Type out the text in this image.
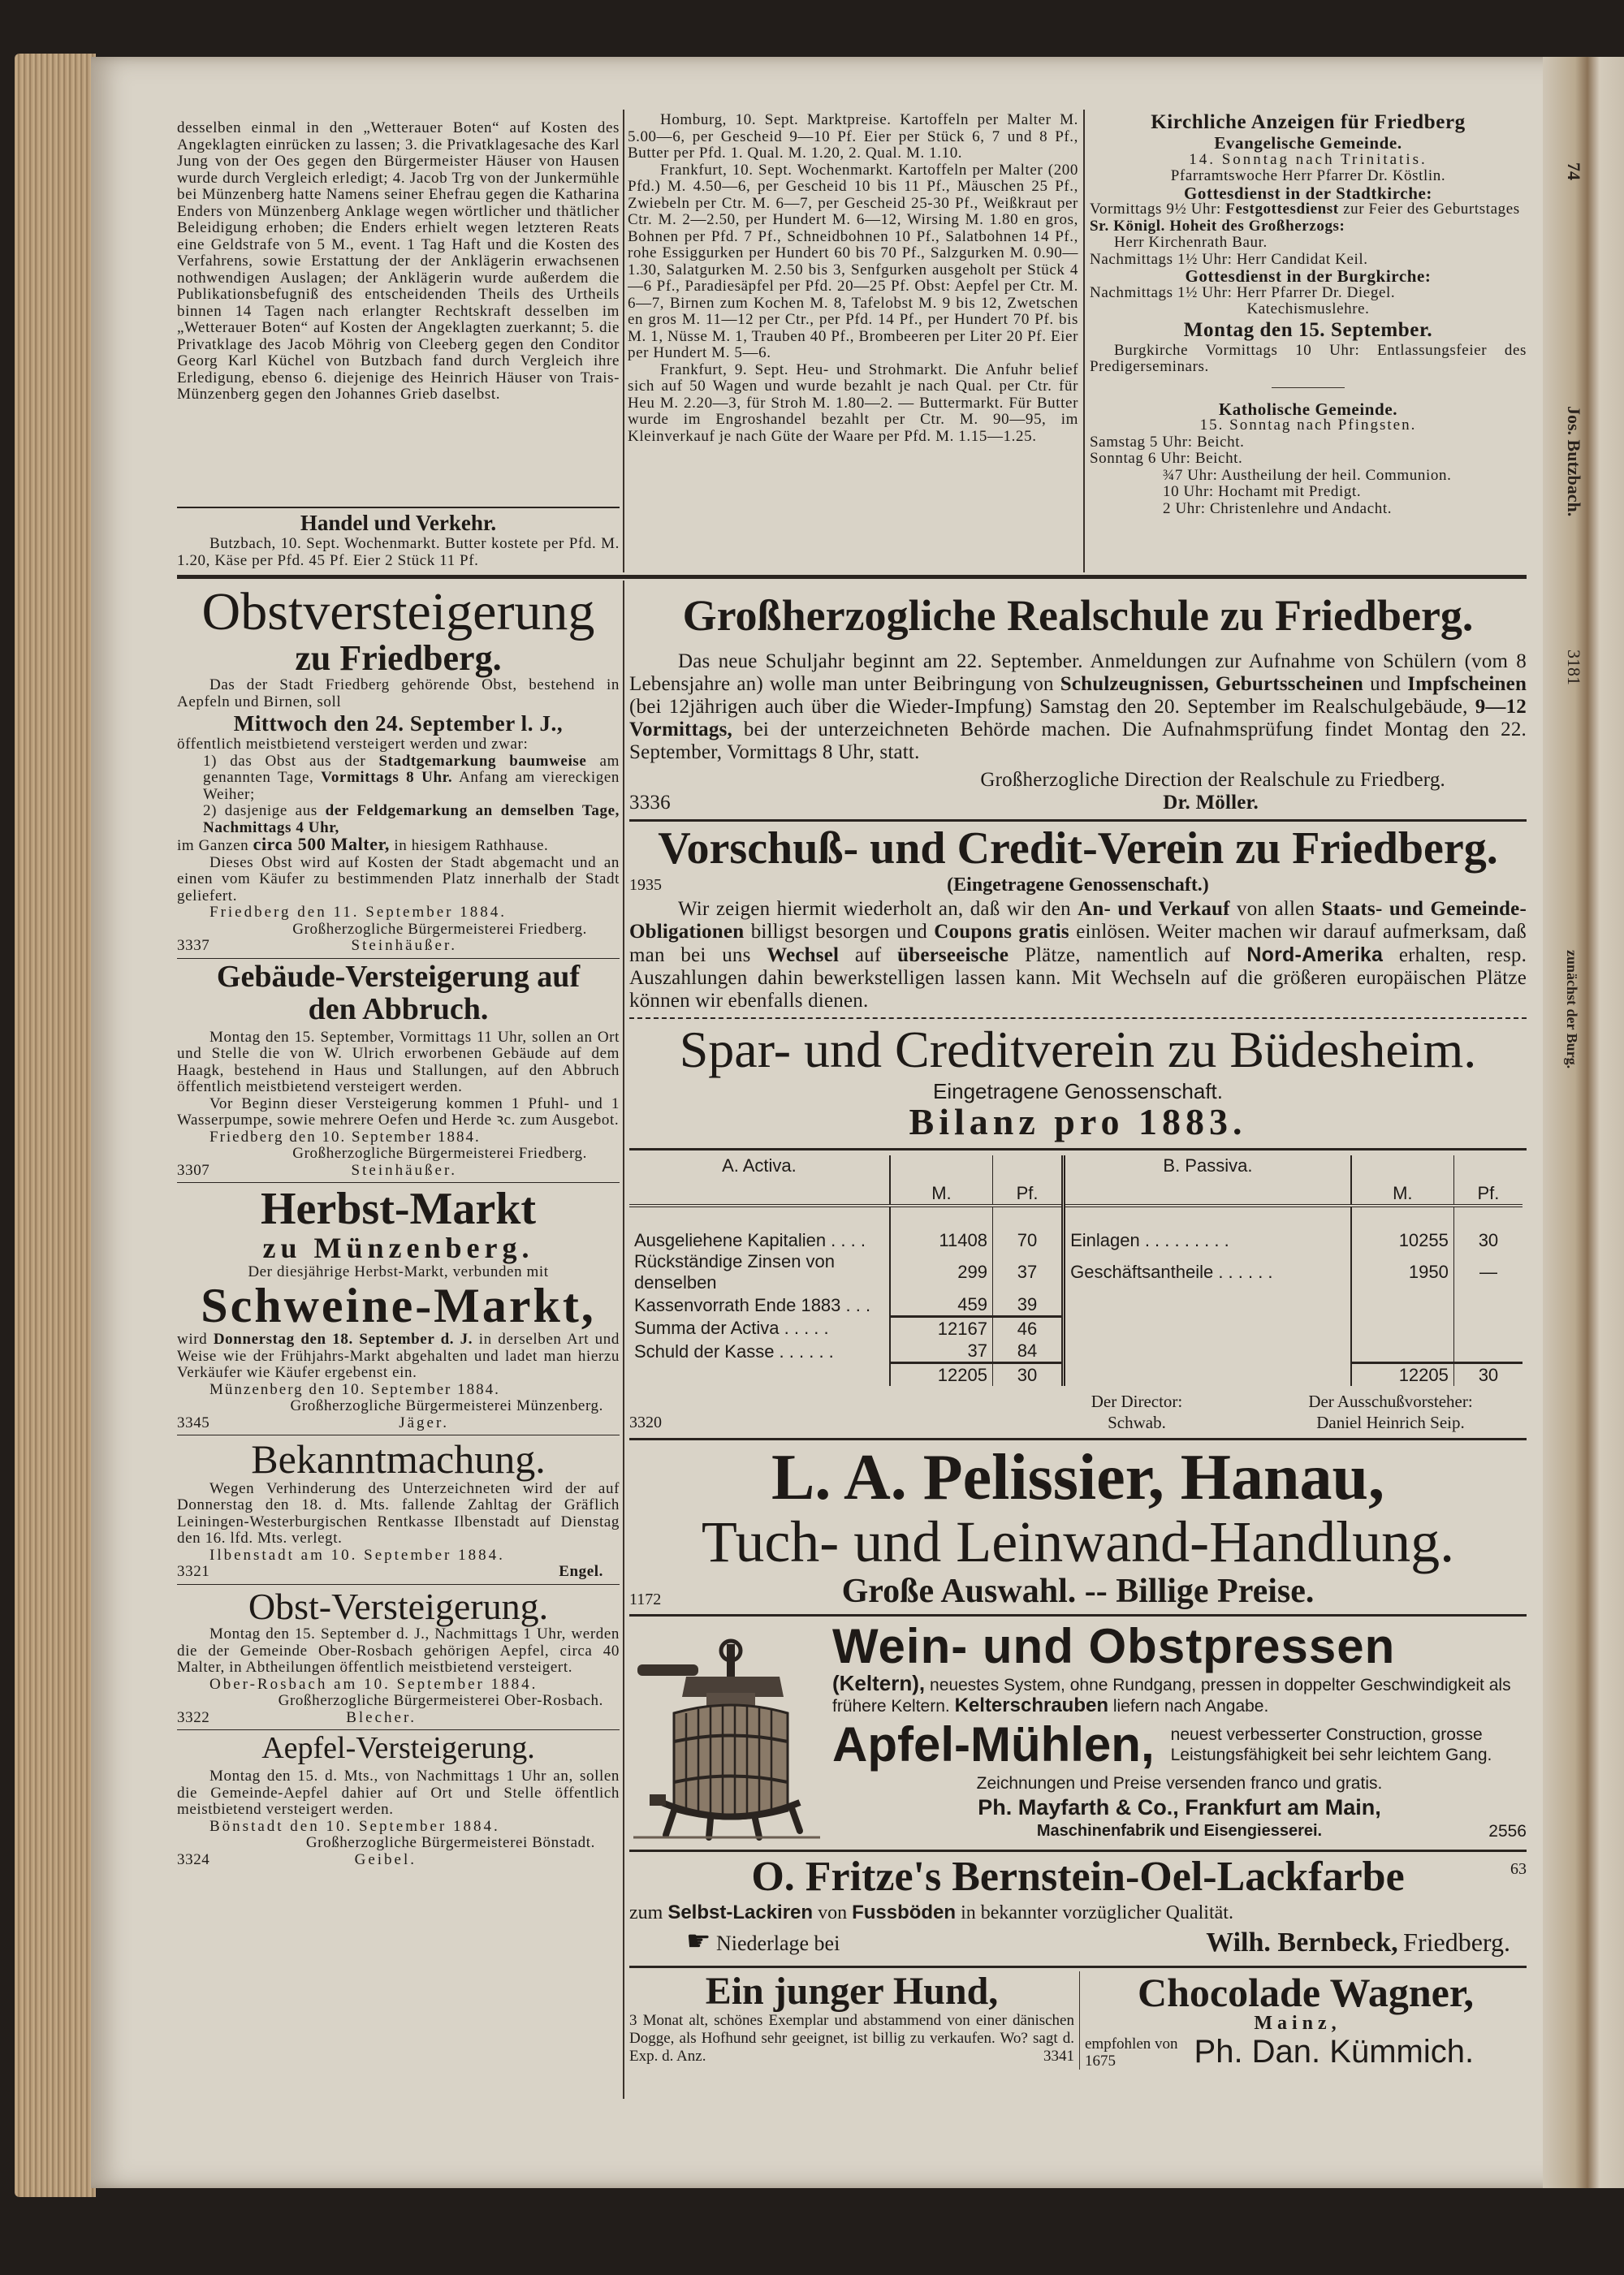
74
Jos. Butzbach.
3181
zunächst der Burg.

desselben einmal in den „Wetterauer Boten“ auf Kosten des Angeklagten einrücken zu lassen; 3. die Privatklagesache des Karl Jung von der Oes gegen den Bürgermeister Häuser von Hausen wurde durch Vergleich erledigt; 4. Jacob Trg von der Junkermühle bei Münzenberg hatte Namens seiner Ehefrau gegen die Katharina Enders von Münzenberg Anklage wegen wörtlicher und thätlicher Beleidigung erhoben; die Enders erhielt wegen letzteren Reats eine Geldstrafe von 5 M., event. 1 Tag Haft und die Kosten des Verfahrens, sowie Erstattung der der Anklägerin erwachsenen nothwendigen Auslagen; der Anklägerin wurde außerdem die Publikationsbefugniß des entscheidenden Theils des Urtheils binnen 14 Tagen nach erlangter Rechtskraft desselben im „Wetterauer Boten“ auf Kosten der Angeklagten zuerkannt; 5. die Privatklage des Jacob Möhrig von Cleeberg gegen den Conditor Georg Karl Küchel von Butzbach fand durch Vergleich ihre Erledigung, ebenso 6. diejenige des Heinrich Häuser von Trais-Münzenberg gegen den Johannes Grieb daselbst.

Handel und Verkehr.

Butzbach, 10. Sept. Wochenmarkt. Butter kostete per Pfd. M. 1.20, Käse per Pfd. 45 Pf. Eier 2 Stück 11 Pf.

Homburg, 10. Sept. Marktpreise. Kartoffeln per Malter M. 5.00—6, per Gescheid 9—10 Pf. Eier per Stück 6, 7 und 8 Pf., Butter per Pfd. 1. Qual. M. 1.20, 2. Qual. M. 1.10.

Frankfurt, 10. Sept. Wochenmarkt. Kartoffeln per Malter (200 Pfd.) M. 4.50—6, per Gescheid 10 bis 11 Pf., Mäuschen 25 Pf., Zwiebeln per Ctr. M. 6—7, per Gescheid 25-30 Pf., Weißkraut per Ctr. M. 2—2.50, per Hundert M. 6—12, Wirsing M. 1.80 en gros, Bohnen per Pfd. 7 Pf., Schneidbohnen 10 Pf., Salatbohnen 14 Pf., rohe Essiggurken per Hundert 60 bis 70 Pf., Salzgurken M. 0.90—1.30, Salatgurken M. 2.50 bis 3, Senfgurken ausgeholt per Stück 4—6 Pf., Paradiesäpfel per Pfd. 20—25 Pf. Obst: Aepfel per Ctr. M. 6—7, Birnen zum Kochen M. 8, Tafelobst M. 9 bis 12, Zwetschen en gros M. 11—12 per Ctr., per Pfd. 14 Pf., per Hundert 70 Pf. bis M. 1, Nüsse M. 1, Trauben 40 Pf., Brombeeren per Liter 20 Pf. Eier per Hundert M. 5—6.

Frankfurt, 9. Sept. Heu- und Strohmarkt. Die Anfuhr belief sich auf 50 Wagen und wurde bezahlt je nach Qual. per Ctr. für Heu M. 2.20—3, für Stroh M. 1.80—2. — Buttermarkt. Für Butter wurde im Engroshandel bezahlt per Ctr. M. 90—95, im Kleinverkauf je nach Güte der Waare per Pfd. M. 1.15—1.25.

Kirchliche Anzeigen für Friedberg
Evangelische Gemeinde.
14. Sonntag nach Trinitatis.
Pfarramtswoche Herr Pfarrer Dr. Köstlin.
Gottesdienst in der Stadtkirche:
Vormittags 9½ Uhr: Festgottesdienst zur Feier des Geburtstages Sr. Königl. Hoheit des Großherzogs:
Herr Kirchenrath Baur.
Nachmittags 1½ Uhr: Herr Candidat Keil.
Gottesdienst in der Burgkirche:
Nachmittags 1½ Uhr: Herr Pfarrer Dr. Diegel.
Katechismuslehre.
Montag den 15. September.
Burgkirche Vormittags 10 Uhr: Entlassungsfeier des Predigerseminars.
Katholische Gemeinde.
15. Sonntag nach Pfingsten.
Samstag 5 Uhr: Beicht.
Sonntag 6 Uhr: Beicht.
¾7 Uhr: Austheilung der heil. Communion.
10 Uhr: Hochamt mit Predigt.
2 Uhr: Christenlehre und Andacht.
Obstversteigerung
zu Friedberg.

Das der Stadt Friedberg gehörende Obst, bestehend in Aepfeln und Birnen, soll

Mittwoch den 24. September l. J.,

öffentlich meistbietend versteigert werden und zwar:

1) das Obst aus der Stadtgemarkung baumweise am genannten Tage, Vormittags 8 Uhr. Anfang am viereckigen Weiher;
2) dasjenige aus der Feldgemarkung an demselben Tage, Nachmittags 4 Uhr,
im Ganzen circa 500 Malter, in hiesigem Rathhause.

Dieses Obst wird auf Kosten der Stadt abgemacht und an einen vom Käufer zu bestimmenden Platz innerhalb der Stadt geliefert.

Friedberg den 11. September 1884.

Großherzogliche Bürgermeisterei Friedberg.
3337	Steinhäußer.
Gebäude-Versteigerung auf
den Abbruch.

Montag den 15. September, Vormittags 11 Uhr, sollen an Ort und Stelle die von W. Ulrich erworbenen Gebäude auf dem Haagk, bestehend in Haus und Stallungen, auf den Abbruch öffentlich meistbietend versteigert werden.

Vor Beginn dieser Versteigerung kommen 1 Pfuhl- und 1 Wasserpumpe, sowie mehrere Oefen und Herde ꝛc. zum Ausgebot.

Friedberg den 10. September 1884.

Großherzogliche Bürgermeisterei Friedberg.
3307	Steinhäußer.
Herbst-Markt
zu Münzenberg.
Der diesjährige Herbst-Markt, verbunden mit
Schweine-Markt,

wird Donnerstag den 18. September d. J. in derselben Art und Weise wie der Frühjahrs-Markt abgehalten und ladet man hierzu Verkäufer wie Käufer ergebenst ein.

Münzenberg den 10. September 1884.

Großherzogliche Bürgermeisterei Münzenberg.
3345	Jäger.
Bekanntmachung.

Wegen Verhinderung des Unterzeichneten wird der auf Donnerstag den 18. d. Mts. fallende Zahltag der Gräflich Leiningen-Westerburgischen Rentkasse Ilbenstadt auf Dienstag den 16. lfd. Mts. verlegt.

Ilbenstadt am 10. September 1884.

3321	Engel.
Obst-Versteigerung.

Montag den 15. September d. J., Nachmittags 1 Uhr, werden die der Gemeinde Ober-Rosbach gehörigen Aepfel, circa 40 Malter, in Abtheilungen öffentlich meistbietend versteigert.

Ober-Rosbach am 10. September 1884.

Großherzogliche Bürgermeisterei Ober-Rosbach.
3322	Blecher.
Aepfel-Versteigerung.

Montag den 15. d. Mts., von Nachmittags 1 Uhr an, sollen die Gemeinde-Aepfel dahier auf Ort und Stelle öffentlich meistbietend versteigert werden.

Bönstadt den 10. September 1884.

Großherzogliche Bürgermeisterei Bönstadt.
3324	Geibel.
Großherzogliche Realschule zu Friedberg.

Das neue Schuljahr beginnt am 22. September. Anmeldungen zur Aufnahme von Schülern (vom 8 Lebensjahre an) wolle man unter Beibringung von Schulzeugnissen, Geburtsscheinen und Impfscheinen (bei 12jährigen auch über die Wieder-Impfung) Samstag den 20. September im Realschulgebäude, 9—12 Vormittags, bei der unterzeichneten Behörde machen. Die Aufnahmsprüfung findet Montag den 22. September, Vormittags 8 Uhr, statt.

Großherzogliche Direction der Realschule zu Friedberg.
3336	Dr. Möller.
Vorschuß- und Credit-Verein zu Friedberg.
1935	(Eingetragene Genossenschaft.)

Wir zeigen hiermit wiederholt an, daß wir den An- und Verkauf von allen Staats- und Gemeinde-Obligationen billigst besorgen und Coupons gratis einlösen. Weiter machen wir darauf aufmerksam, daß man bei uns Wechsel auf überseeische Plätze, namentlich auf Nord-Amerika erhalten, resp. Auszahlungen dahin bewerkstelligen lassen kann. Mit Wechseln auf die größeren europäischen Plätze können wir ebenfalls dienen.

Spar- und Creditverein zu Büdesheim.
Eingetragene Genossenschaft.
Bilanz pro 1883.
A. Activa.	M.	Pf.	B. Passiva.	M.	Pf.

Ausgeliehene Kapitalien . . . .	11408	70	Einlagen . . . . . . . . .	10255	30
Rückständige Zinsen von denselben	299	37	Geschäftsantheile . . . . . .	1950	—
Kassenvorrath Ende 1883 . . .	459	39			
Summa der Activa . . . . .	12167	46			
Schuld der Kasse . . . . . .	37	84			
	12205	30		12205	30
3320
Der Director:
Schwab.
Der Ausschußvorsteher:
Daniel Heinrich Seip.
L. A. Pelissier, Hanau,
Tuch- und Leinwand-Handlung.
1172	Große Auswahl. -- Billige Preise.
Wein- und Obstpressen
(Keltern), neuestes System, ohne Rundgang, pressen in doppelter Geschwindigkeit als frühere Keltern. Kelterschrauben liefern nach Angabe.
Apfel-Mühlen, neuest verbesserter Construction, grosse Leistungsfähigkeit bei sehr leichtem Gang.
Zeichnungen und Preise versenden franco und gratis.
Ph. Mayfarth & Co., Frankfurt am Main,
Maschinenfabrik und Eisengiesserei.	2556
O. Fritze's Bernstein-Oel-Lackfarbe	63
zum Selbst-Lackiren von Fussböden in bekannter vorzüglicher Qualität.
☛ Niederlage bei	Wilh. Bernbeck, Friedberg.
Ein junger Hund,
3 Monat alt, schönes Exemplar und abstammend von einer dänischen Dogge, als Hofhund sehr geeignet, ist billig zu verkaufen. Wo? sagt d. Exp. d. Anz.	3341
Chocolade Wagner,
Mainz,
empfohlen von
1675	Ph. Dan. Kümmich.
